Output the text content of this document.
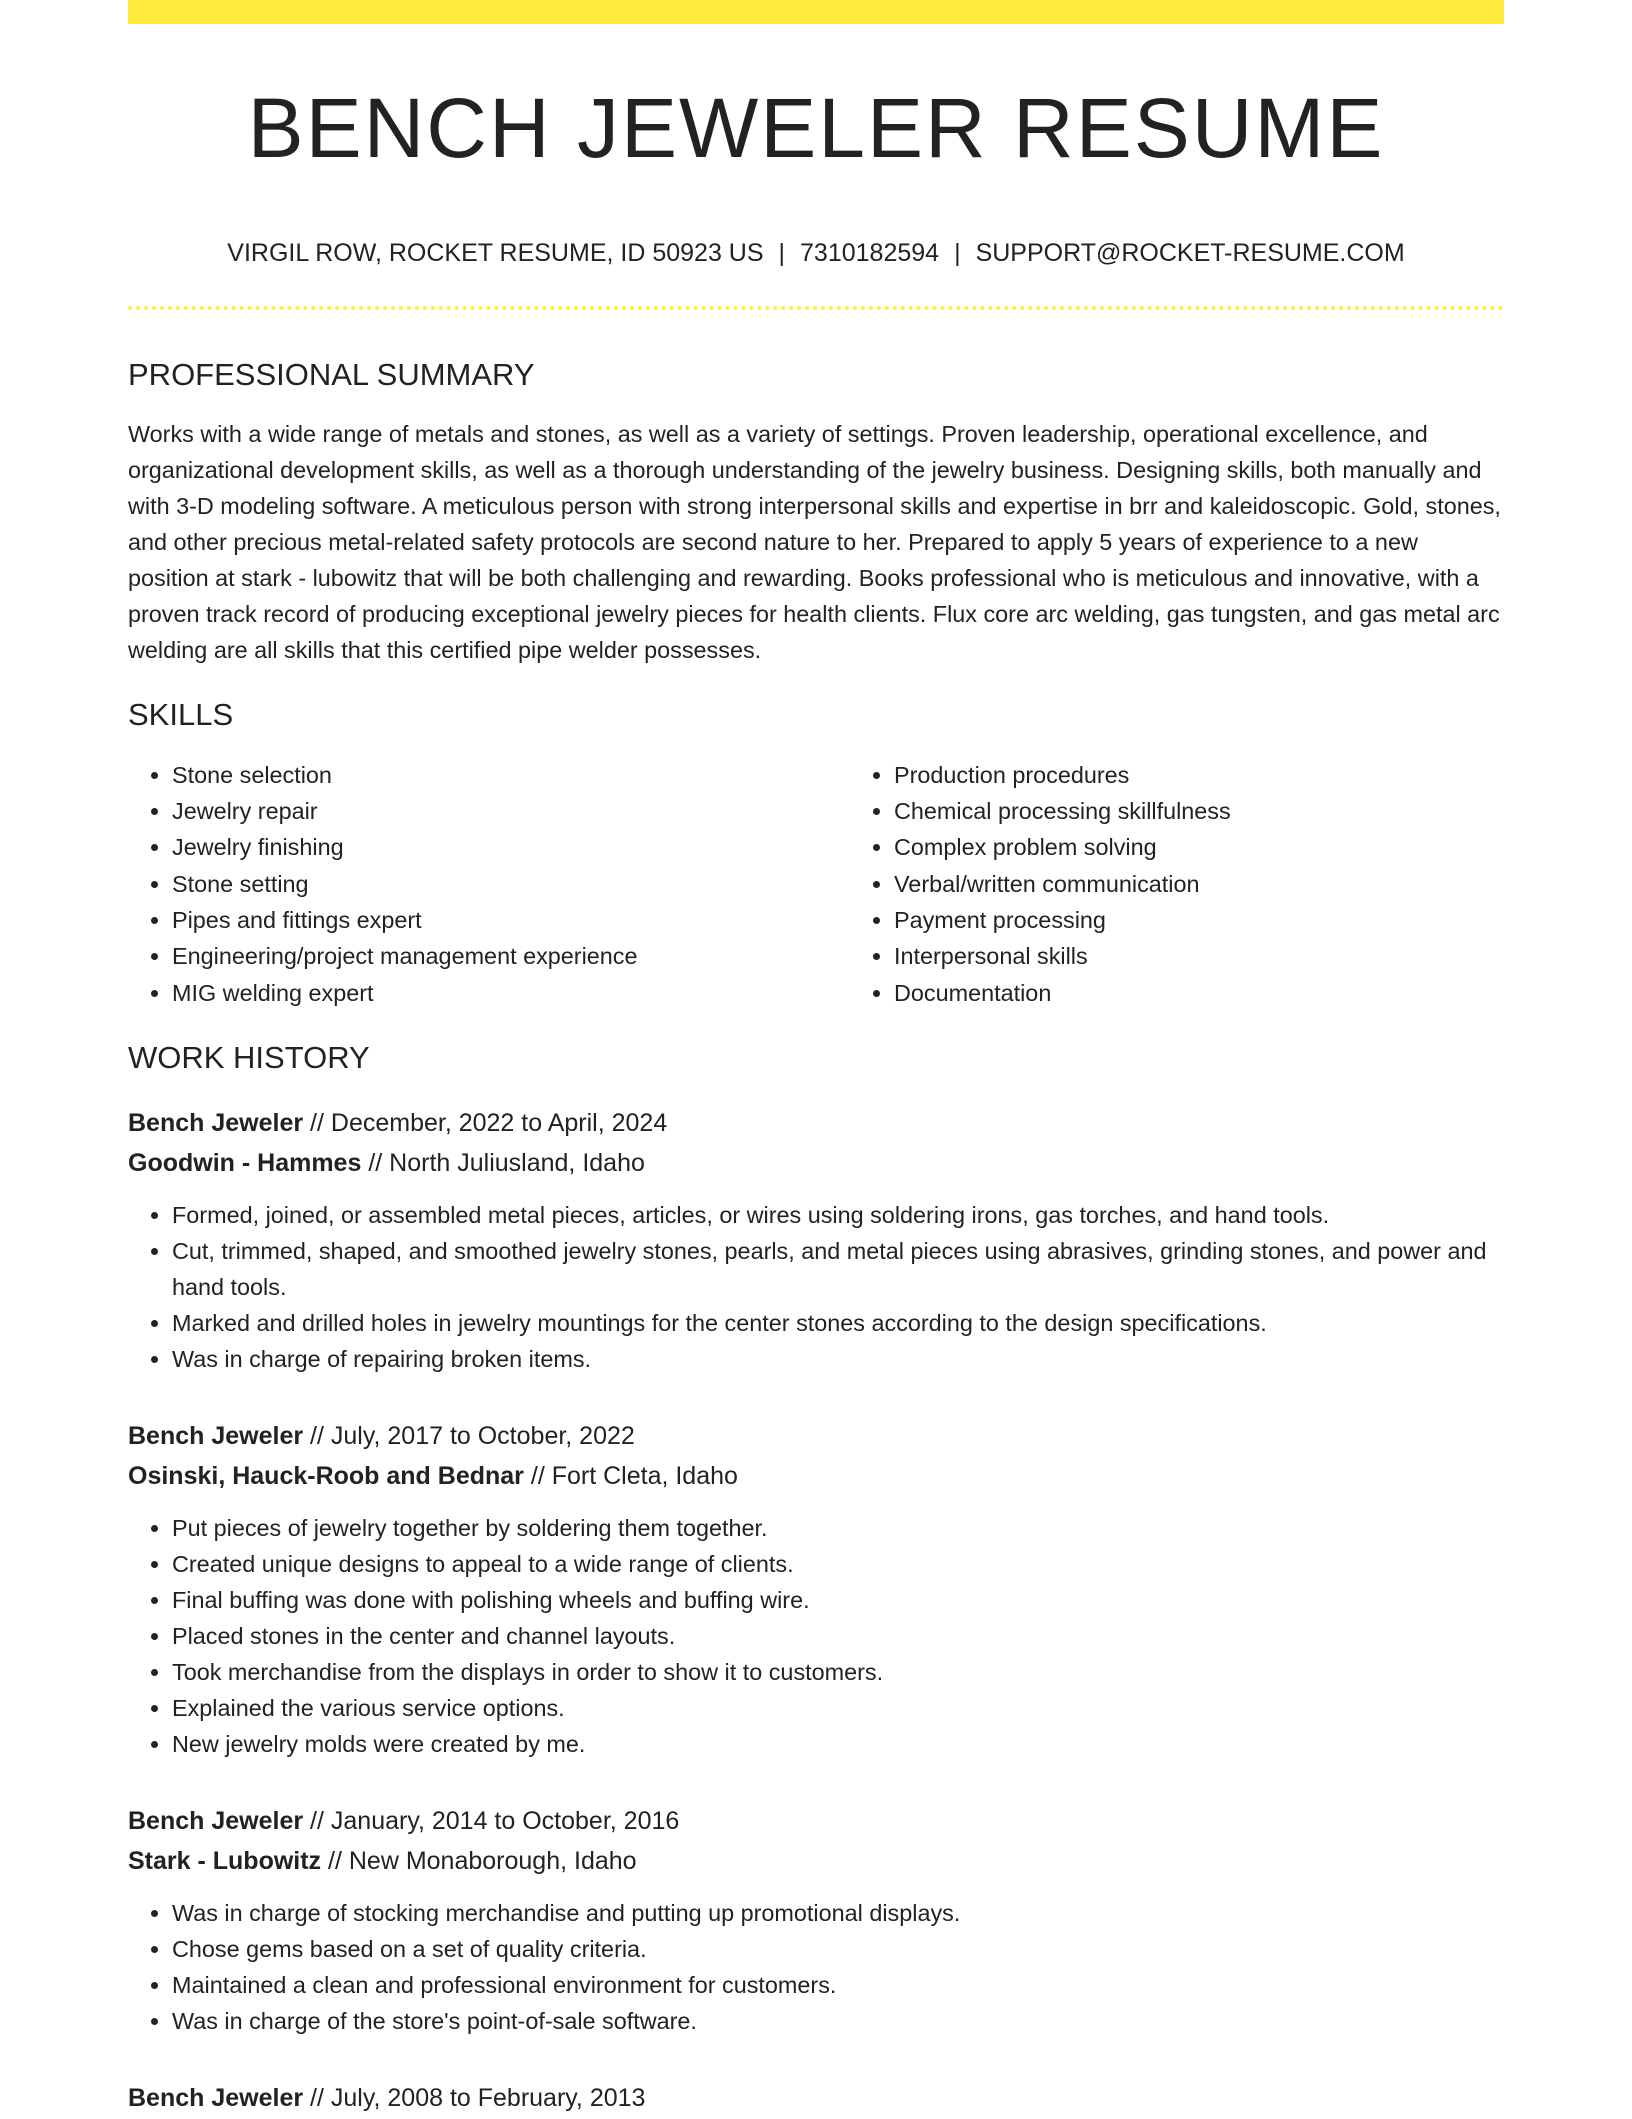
BENCH JEWELER RESUME
VIRGIL ROW, ROCKET RESUME, ID 50923 US | 7310182594 | SUPPORT@ROCKET-RESUME.COM
PROFESSIONAL SUMMARY

Works with a wide range of metals and stones, as well as a variety of settings. Proven leadership, operational excellence, and organizational development skills, as well as a thorough understanding of the jewelry business. Designing skills, both manually and with 3-D modeling software. A meticulous person with strong interpersonal skills and expertise in brr and kaleidoscopic. Gold, stones, and other precious metal-related safety protocols are second nature to her. Prepared to apply 5 years of experience to a new position at stark - lubowitz that will be both challenging and rewarding. Books professional who is meticulous and innovative, with a proven track record of producing exceptional jewelry pieces for health clients. Flux core arc welding, gas tungsten, and gas metal arc welding are all skills that this certified pipe welder possesses.

SKILLS
• Stone selection
• Jewelry repair
• Jewelry finishing
• Stone setting
• Pipes and fittings expert
• Engineering/project management experience
• MIG welding expert
• Production procedures
• Chemical processing skillfulness
• Complex problem solving
• Verbal/written communication
• Payment processing
• Interpersonal skills
• Documentation
WORK HISTORY
Bench Jeweler // December, 2022 to April, 2024
Goodwin - Hammes // North Juliusland, Idaho
• Formed, joined, or assembled metal pieces, articles, or wires using soldering irons, gas torches, and hand tools.
• Cut, trimmed, shaped, and smoothed jewelry stones, pearls, and metal pieces using abrasives, grinding stones, and power and hand tools.
• Marked and drilled holes in jewelry mountings for the center stones according to the design specifications.
• Was in charge of repairing broken items.
Bench Jeweler // July, 2017 to October, 2022
Osinski, Hauck-Roob and Bednar // Fort Cleta, Idaho
• Put pieces of jewelry together by soldering them together.
• Created unique designs to appeal to a wide range of clients.
• Final buffing was done with polishing wheels and buffing wire.
• Placed stones in the center and channel layouts.
• Took merchandise from the displays in order to show it to customers.
• Explained the various service options.
• New jewelry molds were created by me.
Bench Jeweler // January, 2014 to October, 2016
Stark - Lubowitz // New Monaborough, Idaho
• Was in charge of stocking merchandise and putting up promotional displays.
• Chose gems based on a set of quality criteria.
• Maintained a clean and professional environment for customers.
• Was in charge of the store's point-of-sale software.
Bench Jeweler // July, 2008 to February, 2013
